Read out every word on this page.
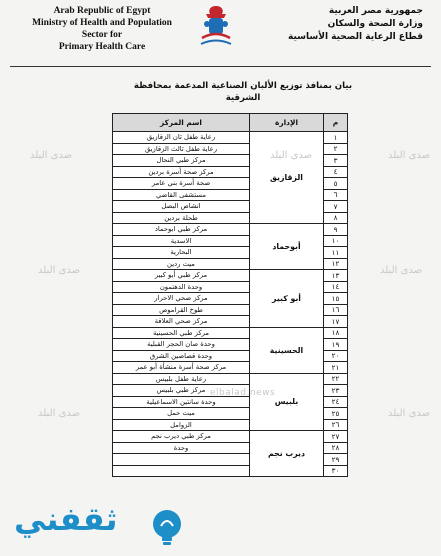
Arab Republic of Egypt
Ministry of Health and Population
Sector for
Primary Health Care
جمهورية مصر العربية
وزارة الصحة والسكان
قطاع الرعاية الصحية الأساسية
بيان بمنافذ توزيع الألبان الصناعية المدعمة بمحافظة
الشرقية
م	الإدارة	اسم المركز
١	الزقازيق	رعاية طفل ثان الزقازيق
٢		رعاية طفل ثالث الزقازيق
٣		مركز طبي النحال
٤		مركز صحة أسرة بردين
٥		صحة أسرة بني عامر
٦		مستشفى القاضي
٧		انشاص البصل
٨		طحلة بردين
٩	أبوحماد	مركز طبي ابوحماد
١٠		الاسدية
١١		البحارية
١٢		ميت ردين
١٣	أبو كبير	مركز طبي أبو كبير
١٤		وحدة الدهتمون
١٥		مركز صحي الاحرار
١٦		طوخ القراموص
١٧		مركز صحي العلاقة
١٨	الحسينية	مركز طبي الحسينية
١٩		وحدة صان الحجر القبلية
٢٠		وحدة قصاصين الشرق
٢١		مركز صحة أسرة منشأة أبو عمر
٢٢	بلبيس	رعاية طفل بلبيس
٢٣		مركز طبي بلبيس
٢٤		وحدة سانتين الاسماعيلية
٢٥		ميت حمل
٢٦		الزوامل
٢٧	ديرب نجم	مركز طبي ديرب نجم
٢٨		وحدة
٢٩		
٣٠		
صدى البلد	صدى البلد
صدى البلد
صدى البلد
صدى البلد
صدى البلد
صدى البلد
elbalad.news
ثقفني
